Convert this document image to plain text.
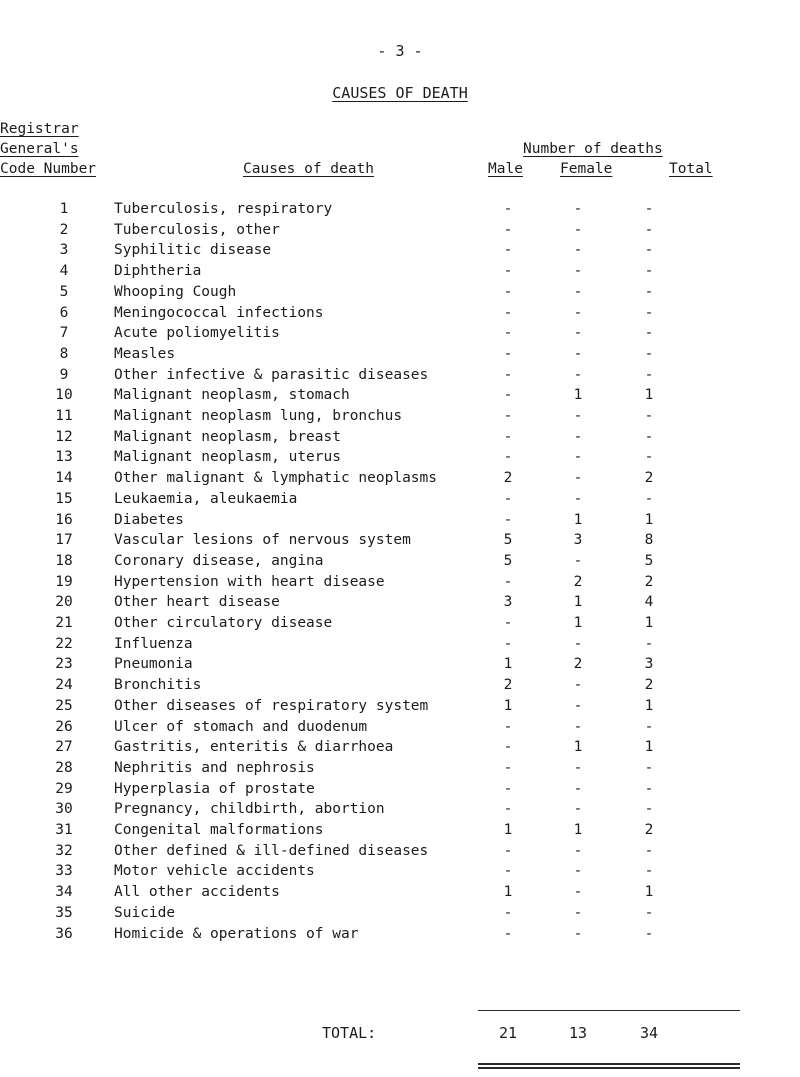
- 3 -
CAUSES OF DEATH
Registrar
General's
Code Number	Causes of death
Number of deaths
Male	Female	Total
1	Tuberculosis, respiratory	-	-	-
2	Tuberculosis, other	-	-	-
3	Syphilitic disease	-	-	-
4	Diphtheria	-	-	-
5	Whooping Cough	-	-	-
6	Meningococcal infections	-	-	-
7	Acute poliomyelitis	-	-	-
8	Measles	-	-	-
9	Other infective & parasitic diseases	-	-	-
10	Malignant neoplasm, stomach	-	1	1
11	Malignant neoplasm lung, bronchus	-	-	-
12	Malignant neoplasm, breast	-	-	-
13	Malignant neoplasm, uterus	-	-	-
14	Other malignant & lymphatic neoplasms	2	-	2
15	Leukaemia, aleukaemia	-	-	-
16	Diabetes	-	1	1
17	Vascular lesions of nervous system	5	3	8
18	Coronary disease, angina	5	-	5
19	Hypertension with heart disease	-	2	2
20	Other heart disease	3	1	4
21	Other circulatory disease	-	1	1
22	Influenza	-	-	-
23	Pneumonia	1	2	3
24	Bronchitis	2	-	2
25	Other diseases of respiratory system	1	-	1
26	Ulcer of stomach and duodenum	-	-	-
27	Gastritis, enteritis & diarrhoea	-	1	1
28	Nephritis and nephrosis	-	-	-
29	Hyperplasia of prostate	-	-	-
30	Pregnancy, childbirth, abortion	-	-	-
31	Congenital malformations	1	1	2
32	Other defined & ill-defined diseases	-	-	-
33	Motor vehicle accidents	-	-	-
34	All other accidents	1	-	1
35	Suicide	-	-	-
36	Homicide & operations of war	-	-	-
TOTAL:	21	13	34
